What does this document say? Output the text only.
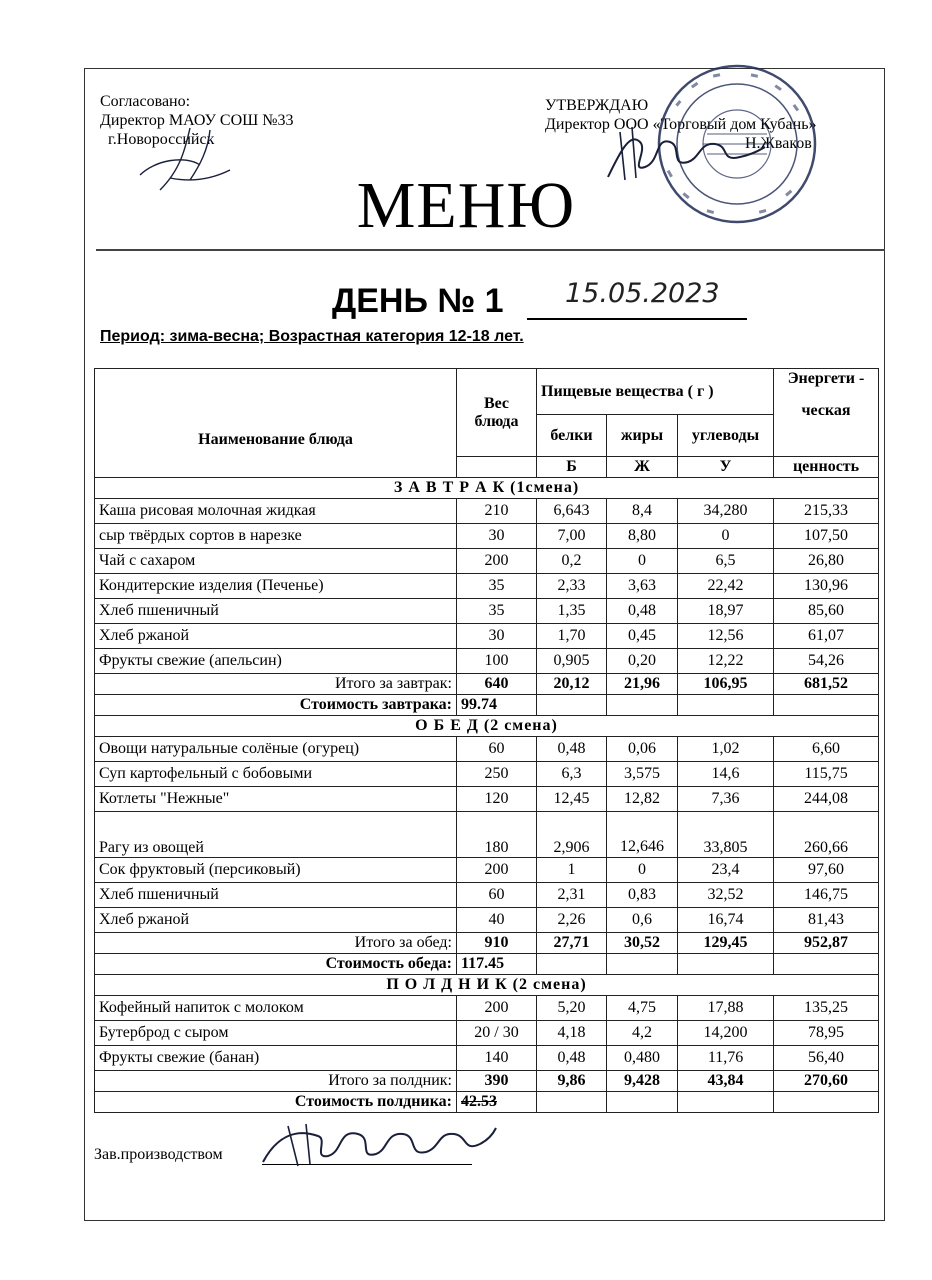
Согласовано:
Директор МАОУ СОШ №33
г.Новороссийск
УТВЕРЖДАЮ
Директор ООО «Торговый дом Кубань»
Н.Жваков
МЕНЮ
ДЕНЬ № 1 15.05.2023
Период: зима-весна; Возрастная категория 12-18 лет.
Наименование блюда	Вес блюда	Пищевые вещества ( г )			Энергети -
ческая

		белки	жиры	углеводы	
		Б	Ж	У	ценность
З А В Т Р А К (1смена)					
Каша рисовая молочная жидкая	210	6,643	8,4	34,280	215,33
сыр твёрдых сортов в нарезке	30	7,00	8,80	0	107,50
Чай с сахаром	200	0,2	0	6,5	26,80
Кондитерские изделия (Печенье)	35	2,33	3,63	22,42	130,96
Хлеб пшеничный	35	1,35	0,48	18,97	85,60
Хлеб ржаной	30	1,70	0,45	12,56	61,07
Фрукты свежие (апельсин)	100	0,905	0,20	12,22	54,26
Итого за завтрак:	640	20,12	21,96	106,95	681,52
Стоимость завтрака:	99.74				
О Б Е Д (2 смена)					
Овощи натуральные солёные (огурец)	60	0,48	0,06	1,02	6,60
Суп картофельный с бобовыми	250	6,3	3,575	14,6	115,75
Котлеты "Нежные"	120	12,45	12,82	7,36	244,08
Рагу из овощей	180	2,906	12,646	33,805	260,66
Сок фруктовый (персиковый)	200	1	0	23,4	97,60
Хлеб пшеничный	60	2,31	0,83	32,52	146,75
Хлеб ржаной	40	2,26	0,6	16,74	81,43
Итого за обед:	910	27,71	30,52	129,45	952,87
Стоимость обеда:	117.45				
П О Л Д Н И К (2 смена)					
Кофейный напиток с молоком	200	5,20	4,75	17,88	135,25
Бутерброд с сыром	20 / 30	4,18	4,2	14,200	78,95
Фрукты свежие (банан)	140	0,48	0,480	11,76	56,40
Итого за полдник:	390	9,86	9,428	43,84	270,60
Стоимость полдника:	42.53				
Зав.производством
